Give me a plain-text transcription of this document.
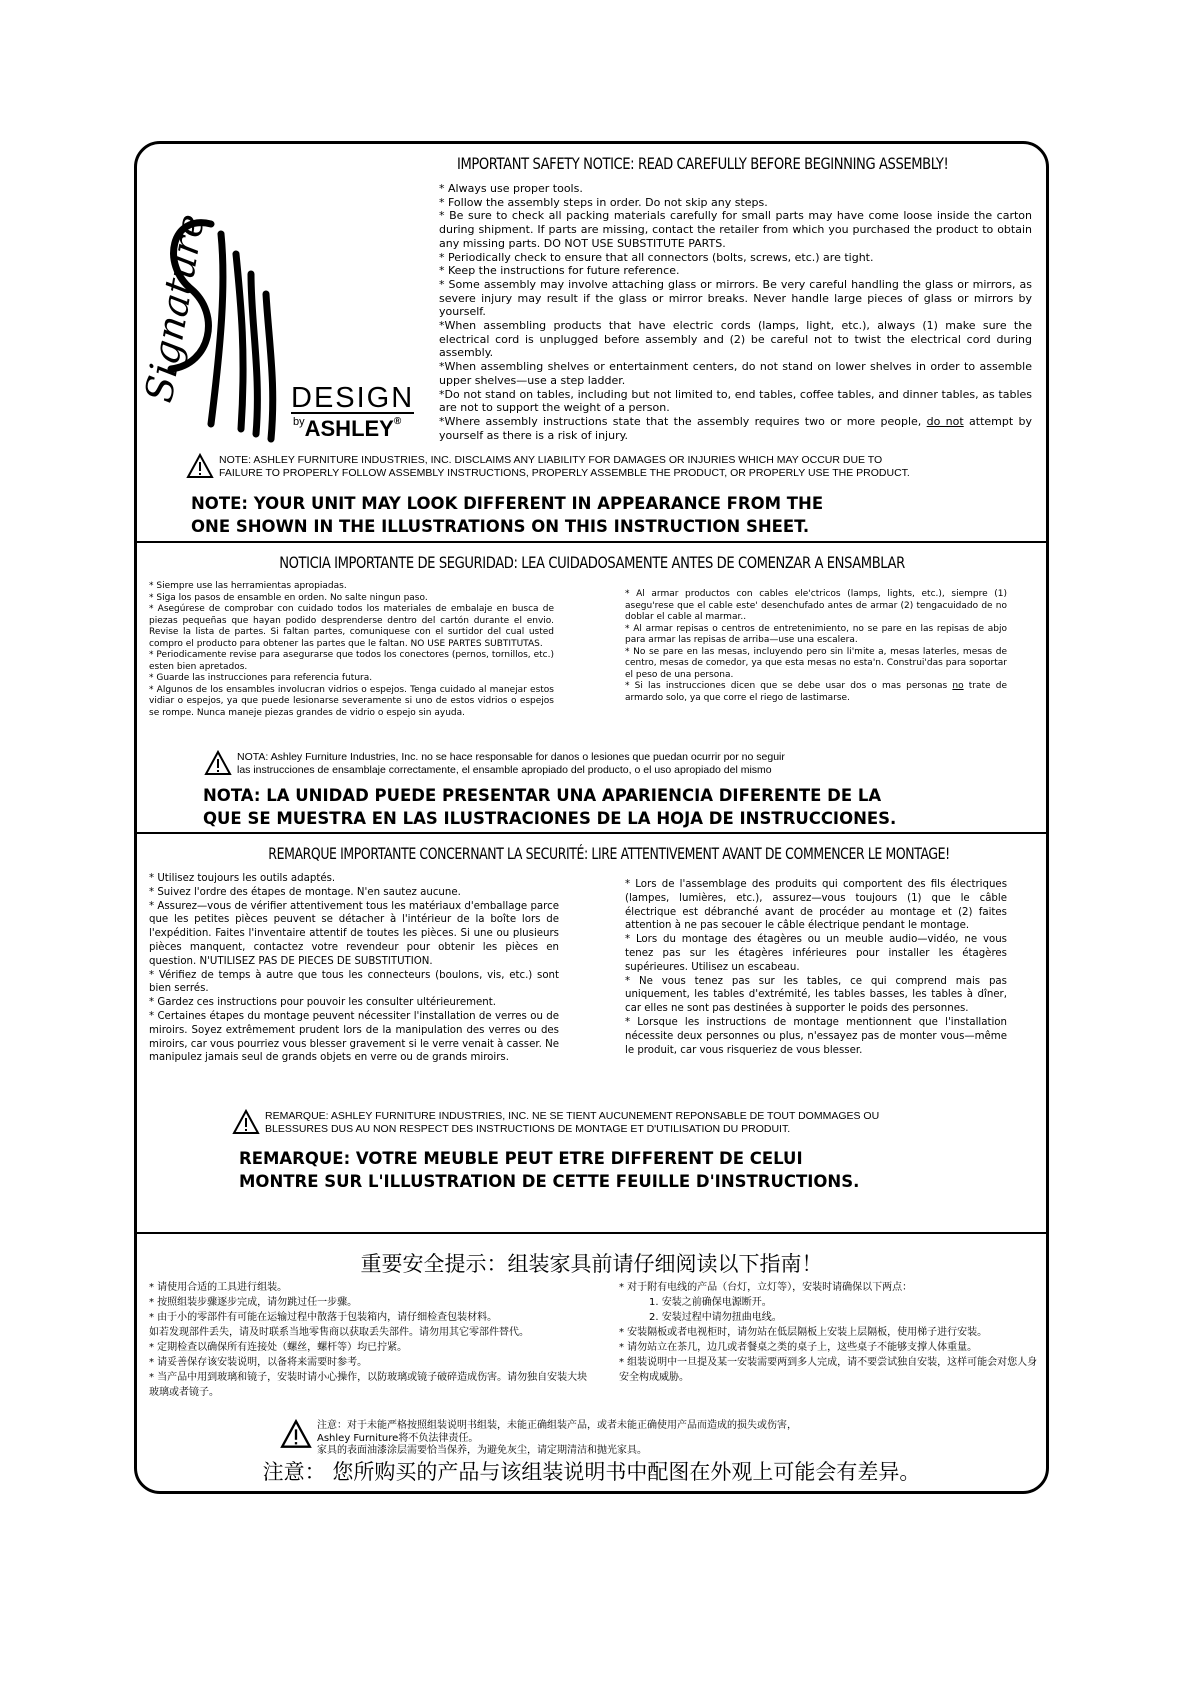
Signature	DESIGN
$^{by}$ASHLEY®
IMPORTANT SAFETY NOTICE: READ CAREFULLY BEFORE BEGINNING ASSEMBLY!

* Always use proper tools.

* Follow the assembly steps in order. Do not skip any steps.

* Be sure to check all packing materials carefully for small parts may have come loose inside the carton during shipment. If parts are missing, contact the retailer from which you purchased the product to obtain any missing parts. DO NOT USE SUBSTITUTE PARTS.

* Periodically check to ensure that all connectors (bolts, screws, etc.) are tight.

* Keep the instructions for future reference.

* Some assembly may involve attaching glass or mirrors. Be very careful handling the glass or mirrors, as severe injury may result if the glass or mirror breaks. Never handle large pieces of glass or mirrors by yourself.

*When assembling products that have electric cords (lamps, light, etc.), always (1) make sure the electrical cord is unplugged before assembly and (2) be careful not to twist the electrical cord during assembly.

*When assembling shelves or entertainment centers, do not stand on lower shelves in order to assemble upper shelves—use a step ladder.

*Do not stand on tables, including but not limited to, end tables, coffee tables, and dinner tables, as tables are not to support the weight of a person.

*Where assembly instructions state that the assembly requires two or more people, do not attempt by yourself as there is a risk of injury.

NOTE: ASHLEY FURNITURE INDUSTRIES, INC. DISCLAIMS ANY LIABILITY FOR DAMAGES OR INJURIES WHICH MAY OCCUR DUE TO
FAILURE TO PROPERLY FOLLOW ASSEMBLY INSTRUCTIONS, PROPERLY ASSEMBLE THE PRODUCT, OR PROPERLY USE THE PRODUCT.
NOTE: YOUR UNIT MAY LOOK DIFFERENT IN APPEARANCE FROM THE
ONE SHOWN IN THE ILLUSTRATIONS ON THIS INSTRUCTION SHEET.
NOTICIA IMPORTANTE DE SEGURIDAD: LEA CUIDADOSAMENTE ANTES DE COMENZAR A ENSAMBLAR

* Siempre use las herramientas apropiadas.

* Siga los pasos de ensamble en orden. No salte ningun paso.

* Asegúrese de comprobar con cuidado todos los materiales de embalaje en busca de piezas pequeñas que hayan podido desprenderse dentro del cartón durante el envio. Revise la lista de partes. Si faltan partes, comuniquese con el surtidor del cual usted compro el producto para obtener las partes que le faltan. NO USE PARTES SUBTITUTAS.

* Periodicamente revise para asegurarse que todos los conectores (pernos, tornillos, etc.) esten bien apretados.

* Guarde las instrucciones para referencia futura.

* Algunos de los ensambles involucran vidrios o espejos. Tenga cuidado al manejar estos vidiar o espejos, ya que puede lesionarse severamente si uno de estos vidrios o espejos se rompe. Nunca maneje piezas grandes de vidrio o espejo sin ayuda.

* Al armar productos con cables ele'ctricos (lamps, lights, etc.), siempre (1) asegu'rese que el cable este' desenchufado antes de armar (2) tengacuidado de no doblar el cable al marmar..

* Al armar repisas o centros de entretenimiento, no se pare en las repisas de abjo para armar las repisas de arriba—use una escalera.

* No se pare en las mesas, incluyendo pero sin li'mite a, mesas laterles, mesas de centro, mesas de comedor, ya que esta mesas no esta'n. Construi'das para soportar el peso de una persona.

* Si las instrucciones dicen que se debe usar dos o mas personas no trate de armardo solo, ya que corre el riego de lastimarse.

NOTA: Ashley Furniture Industries, Inc. no se hace responsable for danos o lesiones que puedan ocurrir por no seguir
las instrucciones de ensamblaje correctamente, el ensamble apropiado del producto, o el uso apropiado del mismo
NOTA: LA UNIDAD PUEDE PRESENTAR UNA APARIENCIA DIFERENTE DE LA
QUE SE MUESTRA EN LAS ILUSTRACIONES DE LA HOJA DE INSTRUCCIONES.
REMARQUE IMPORTANTE CONCERNANT LA SECURITÉ: LIRE ATTENTIVEMENT AVANT DE COMMENCER LE MONTAGE!

* Utilisez toujours les outils adaptés.

* Suivez l'ordre des étapes de montage. N'en sautez aucune.

* Assurez—vous de vérifier attentivement tous les matériaux d'emballage parce que les petites pièces peuvent se détacher à l'intérieur de la boîte lors de l'expédition. Faites l'inventaire attentif de toutes les pièces. Si une ou plusieurs pièces manquent, contactez votre revendeur pour obtenir les pièces en question. N'UTILISEZ PAS DE PIECES DE SUBSTITUTION.

* Vérifiez de temps à autre que tous les connecteurs (boulons, vis, etc.) sont bien serrés.

* Gardez ces instructions pour pouvoir les consulter ultérieurement.

* Certaines étapes du montage peuvent nécessiter l'installation de verres ou de miroirs. Soyez extrêmement prudent lors de la manipulation des verres ou des miroirs, car vous pourriez vous blesser gravement si le verre venait à casser. Ne manipulez jamais seul de grands objets en verre ou de grands miroirs.

* Lors de l'assemblage des produits qui comportent des fils électriques (lampes, lumières, etc.), assurez—vous toujours (1) que le câble électrique est débranché avant de procéder au montage et (2) faites attention à ne pas secouer le câble électrique pendant le montage.

* Lors du montage des étagères ou un meuble audio—vidéo, ne vous tenez pas sur les étagères inférieures pour installer les étagères supérieures. Utilisez un escabeau.

* Ne vous tenez pas sur les tables, ce qui comprend mais pas uniquement, les tables d'extrémité, les tables basses, les tables à dîner, car elles ne sont pas destinées à supporter le poids des personnes.

* Lorsque les instructions de montage mentionnent que l'installation nécessite deux personnes ou plus, n'essayez pas de monter vous—même le produit, car vous risqueriez de vous blesser.

REMARQUE: ASHLEY FURNITURE INDUSTRIES, INC. NE SE TIENT AUCUNEMENT REPONSABLE DE TOUT DOMMAGES OU
BLESSURES DUS AU NON RESPECT DES INSTRUCTIONS DE MONTAGE ET D'UTILISATION DU PRODUIT.
REMARQUE: VOTRE MEUBLE PEUT ETRE DIFFERENT DE CELUI
MONTRE SUR L'ILLUSTRATION DE CETTE FEUILLE D'INSTRUCTIONS.
重要安全提示：组装家具前请仔细阅读以下指南！

* 请使用合适的工具进行组装。

* 按照组装步骤逐步完成，请勿跳过任一步骤。

* 由于小的零部件有可能在运输过程中散落于包装箱内，请仔细检查包装材料。

如若发现部件丢失，请及时联系当地零售商以获取丢失部件。请勿用其它零部件替代。

* 定期检查以确保所有连接处（螺丝，螺杆等）均已拧紧。

* 请妥善保存该安装说明，以备将来需要时参考。

* 当产品中用到玻璃和镜子，安装时请小心操作，以防玻璃或镜子破碎造成伤害。请勿独自安装大块玻璃或者镜子。

* 对于附有电线的产品（台灯，立灯等），安装时请确保以下两点：

1. 安装之前确保电源断开。

2. 安装过程中请勿扭曲电线。

* 安装隔板或者电视柜时，请勿站在低层隔板上安装上层隔板，使用梯子进行安装。

* 请勿站立在茶几，边几或者餐桌之类的桌子上，这些桌子不能够支撑人体重量。

* 组装说明中一旦提及某一安装需要两到多人完成，请不要尝试独自安装，这样可能会对您人身安全构成威胁。

注意：对于未能严格按照组装说明书组装，未能正确组装产品，或者未能正确使用产品而造成的损失或伤害，
Ashley Furniture将不负法律责任。
家具的表面油漆涂层需要恰当保养，为避免灰尘，请定期清洁和抛光家具。
注意： 您所购买的产品与该组装说明书中配图在外观上可能会有差异。
